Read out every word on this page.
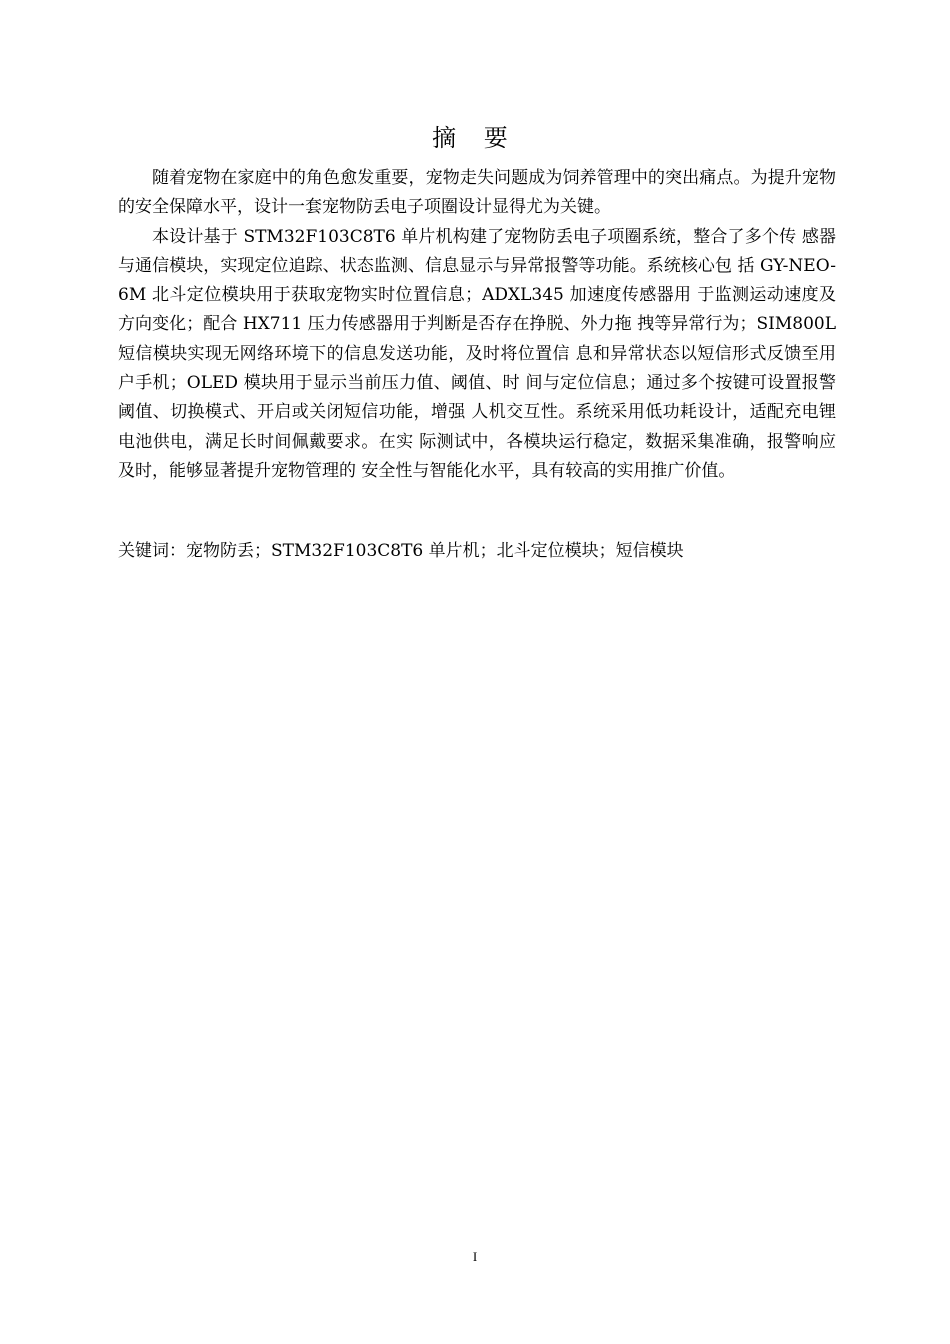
摘 要

随着宠物在家庭中的角色愈发重要，宠物走失问题成为饲养管理中的突出痛点。为提升宠物的安全保障水平，设计一套宠物防丢电子项圈设计显得尤为关键。

本设计基于 STM32F103C8T6 单片机构建了宠物防丢电子项圈系统，整合了多个传 感器与通信模块，实现定位追踪、状态监测、信息显示与异常报警等功能。系统核心包 括 GY-NEO-6M 北斗定位模块用于获取宠物实时位置信息；ADXL345 加速度传感器用 于监测运动速度及方向变化；配合 HX711 压力传感器用于判断是否存在挣脱、外力拖 拽等异常行为；SIM800L 短信模块实现无网络环境下的信息发送功能，及时将位置信 息和异常状态以短信形式反馈至用户手机；OLED 模块用于显示当前压力值、阈值、时 间与定位信息；通过多个按键可设置报警阈值、切换模式、开启或关闭短信功能，增强 人机交互性。系统采用低功耗设计，适配充电锂电池供电，满足长时间佩戴要求。在实 际测试中，各模块运行稳定，数据采集准确，报警响应及时，能够显著提升宠物管理的 安全性与智能化水平，具有较高的实用推广价值。

关键词：宠物防丢；STM32F103C8T6 单片机；北斗定位模块；短信模块
I
